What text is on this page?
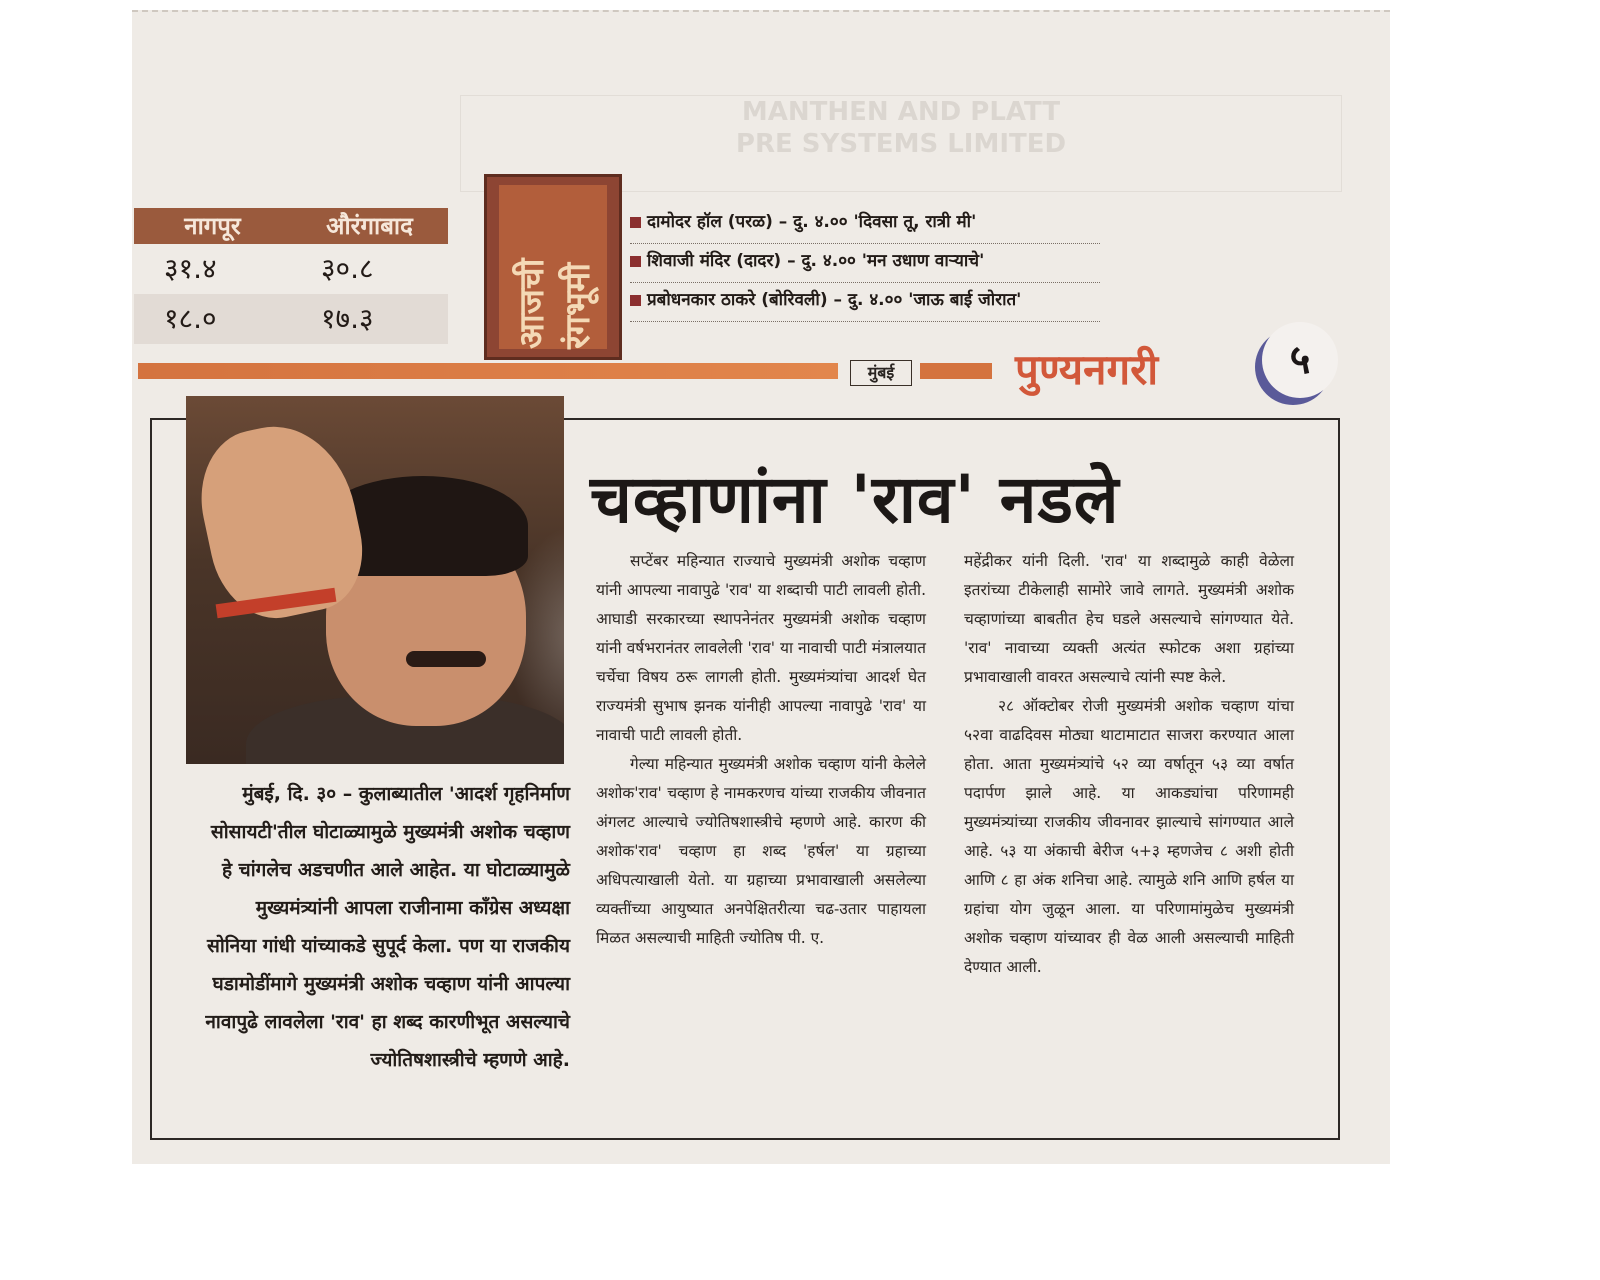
MANTHEN AND PLATT
PRE SYSTEMS LIMITED
नागपूर	औरंगाबाद
३१.४	३०.८
१८.०	१७.३	आजची रंगभूमी
दामोदर हॉल (परळ) – दु. ४.०० 'दिवसा तू, रात्री मी'
शिवाजी मंदिर (दादर) – दु. ४.०० 'मन उधाण वाऱ्याचे'
प्रबोधनकार ठाकरे (बोरिवली) – दु. ४.०० 'जाऊ बाई जोरात'
मुंबई	पुण्यनगरी	५
चव्हाणांना 'राव' नडले
मुंबई, दि. ३० – कुलाब्यातील 'आदर्श गृहनिर्माण सोसायटी'तील घोटाळ्यामुळे मुख्यमंत्री अशोक चव्हाण हे चांगलेच अडचणीत आले आहेत. या घोटाळ्यामुळे मुख्यमंत्र्यांनी आपला राजीनामा काँग्रेस अध्यक्षा सोनिया गांधी यांच्याकडे सुपूर्द केला. पण या राजकीय घडामोडींमागे मुख्यमंत्री अशोक चव्हाण यांनी आपल्या नावापुढे लावलेला 'राव' हा शब्द कारणीभूत असल्याचे ज्योतिषशास्त्रीचे म्हणणे आहे.

सप्टेंबर महिन्यात राज्याचे मुख्यमंत्री अशोक चव्हाण यांनी आपल्या नावापुढे 'राव' या शब्दाची पाटी लावली होती. आघाडी सरकारच्या स्थापनेनंतर मुख्यमंत्री अशोक चव्हाण यांनी वर्षभरानंतर लावलेली 'राव' या नावाची पाटी मंत्रालयात चर्चेचा विषय ठरू लागली होती. मुख्यमंत्र्यांचा आदर्श घेत राज्यमंत्री सुभाष झनक यांनीही आपल्या नावापुढे 'राव' या नावाची पाटी लावली होती.

गेल्या महिन्यात मुख्यमंत्री अशोक चव्हाण यांनी केलेले अशोक'राव' चव्हाण हे नामकरणच यांच्या राजकीय जीवनात अंगलट आल्याचे ज्योतिषशास्त्रीचे म्हणणे आहे. कारण की अशोक'राव' चव्हाण हा शब्द 'हर्षल' या ग्रहाच्या अधिपत्याखाली येतो. या ग्रहाच्या प्रभावाखाली असलेल्या व्यक्तींच्या आयुष्यात अनपेक्षितरीत्या चढ-उतार पाहायला मिळत असल्याची माहिती ज्योतिष पी. ए.

महेंद्रीकर यांनी दिली. 'राव' या शब्दामुळे काही वेळेला इतरांच्या टीकेलाही सामोरे जावे लागते. मुख्यमंत्री अशोक चव्हाणांच्या बाबतीत हेच घडले असल्याचे सांगण्यात येते. 'राव' नावाच्या व्यक्ती अत्यंत स्फोटक अशा ग्रहांच्या प्रभावाखाली वावरत असल्याचे त्यांनी स्पष्ट केले.

२८ ऑक्टोबर रोजी मुख्यमंत्री अशोक चव्हाण यांचा ५२वा वाढदिवस मोठ्या थाटामाटात साजरा करण्यात आला होता. आता मुख्यमंत्र्यांचे ५२ व्या वर्षातून ५३ व्या वर्षात पदार्पण झाले आहे. या आकड्यांचा परिणामही मुख्यमंत्र्यांच्या राजकीय जीवनावर झाल्याचे सांगण्यात आले आहे. ५३ या अंकाची बेरीज ५+३ म्हणजेच ८ अशी होती आणि ८ हा अंक शनिचा आहे. त्यामुळे शनि आणि हर्षल या ग्रहांचा योग जुळून आला. या परिणामांमुळेच मुख्यमंत्री अशोक चव्हाण यांच्यावर ही वेळ आली असल्याची माहिती देण्यात आली.
